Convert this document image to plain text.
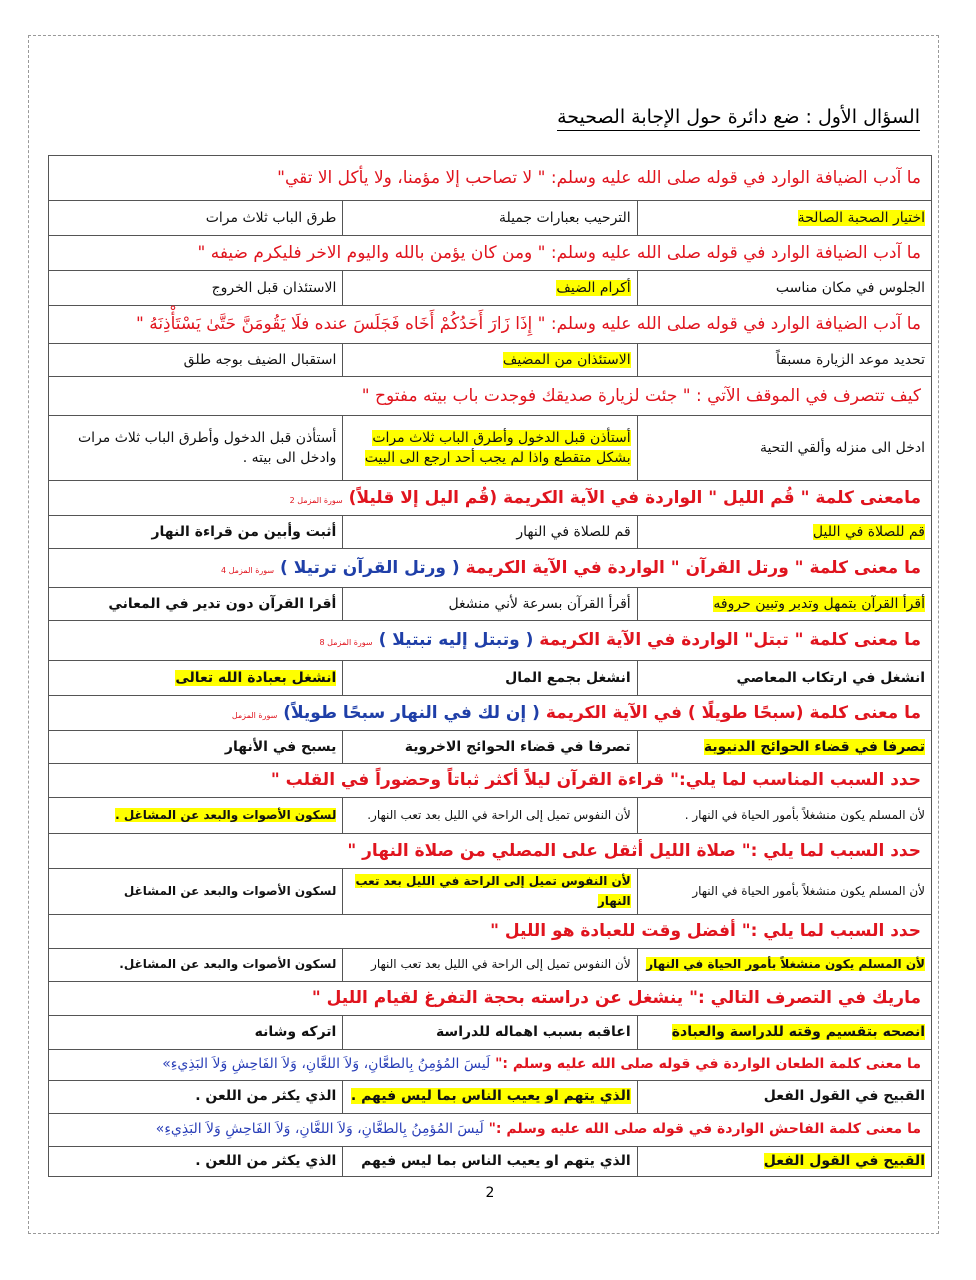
السؤال الأول : ضع دائرة حول الإجابة الصحيحة
ما آدب الضيافة الوارد في قوله صلى الله عليه وسلم: " لا تصاحب إلا مؤمنا، ولا يأكل الا تقي"		
اختيار الصحبة الصالحة	الترحيب بعبارات جميلة	طرق الباب ثلاث مرات
ما آدب الضيافة الوارد في قوله صلى الله عليه وسلم: " ومن كان يؤمن بالله واليوم الاخر فليكرم ضيفه "		
الجلوس في مكان مناسب	أكرام الضيف	الاستئذان قبل الخروج
ما آدب الضيافة الوارد في قوله صلى الله عليه وسلم: " إِذَا زَارَ أَحَدُكُمْ أَخَاه فَجَلَسَ عنده فلَا يَقُومَنَّ حَتَّىٰ يَسْتَأْذِنَهُ "		
تحديد موعد الزيارة مسبقاً	الاستئذان من المضيف	استقبال الضيف بوجه طلق
كيف تتصرف في الموقف الآتي : " جئت لزيارة صديقك فوجدت باب بيته مفتوح "		
ادخل الى منزله وألقي التحية	أستأذن قبل الدخول وأطرق الباب ثلاث مرات بشكل متقطع واذا لم يجب أحد ارجع الى البيت	أستأذن قبل الدخول وأطرق الباب ثلاث مرات وادخل الى بيته .
مامعنى كلمة " قُم الليل " الواردة في الآية الكريمة (قُم اليل إلا قليلاً) سورة المزمل 2		
قم للصلاة في الليل	قم للصلاة في النهار	أثبت وأبين من قراءة النهار
ما معنى كلمة " ورتل القرآن " الواردة في الآية الكريمة ( ورتل القرآن ترتيلا ) سورة المزمل 4		
أقرأ القرآن بتمهل وتدبر وتبين حروفه	أقرأ القرآن بسرعة لأني منشغل	أقرا القرآن دون تدير في المعاني
ما معنى كلمة " تبتل" الواردة في الآية الكريمة ( وتبتل إليه تبتيلا ) سورة المزمل 8		
انشغل في ارتكاب المعاصي	انشغل بجمع المال	انشغل بعبادة الله تعالى
ما معنى كلمة (سبحًا طويلًا ) في الآية الكريمة ( إن لك في النهار سبحًا طويلاً) سورة المزمل		
تصرفا في قضاء الحوائج الدنيوية	تصرفا في قضاء الحوائج الاخروية	يسبح في الأنهار
حدد السبب المناسب لما يلي:" قراءة القرآن ليلاً أكثر ثباتاً وحضوراً في القلب "		
لأن المسلم يكون منشغلاً بأمور الحياة في النهار .	لأن النفوس تميل إلى الراحة في الليل بعد تعب النهار.	لسكون الأصوات والبعد عن المشاغل .
حدد السبب لما يلي :" صلاة الليل أثقل على المصلي من صلاة النهار "		
لأن المسلم يكون منشغلاً بأمور الحياة في النهار	لأن النفوس تميل إلى الراحة في الليل بعد تعب النهار	لسكون الأصوات والبعد عن المشاغل
حدد السبب لما يلي :" أفضل وقت للعبادة هو الليل "		
لأن المسلم يكون منشغلاً بأمور الحياة في النهار	لأن النفوس تميل إلى الراحة في الليل بعد تعب النهار	لسكون الأصوات والبعد عن المشاغل.
ماريك في التصرف التالي :" ينشغل عن دراسته بحجة التفرغ لقيام الليل "		
انصحه بتقسيم وقته للدراسة والعبادة	اعاقبه بسبب اهماله للدراسة	اتركه وشانه
ما معنى كلمة الطعان الواردة في قوله صلى الله عليه وسلم :" لَيسَ المُؤمِنُ بِالطعَّانِ، وَلاَ اللعَّانِ، وَلاَ الفَاحِشِ وَلاَ البَذِيءِ»		
القبيح في القول الفعل	الذي يتهم او يعيب الناس بما ليس فيهم .	الذي يكثر من اللعن .
ما معنى كلمة الفاحش الواردة في قوله صلى الله عليه وسلم :" لَيسَ المُؤمِنُ بِالطعَّانِ، وَلاَ اللعَّانِ، وَلاَ الفَاحِشِ وَلاَ البَذِيءِ»		
القبيح في القول الفعل	الذي يتهم او يعيب الناس بما ليس فيهم	الذي يكثر من اللعن .
2
